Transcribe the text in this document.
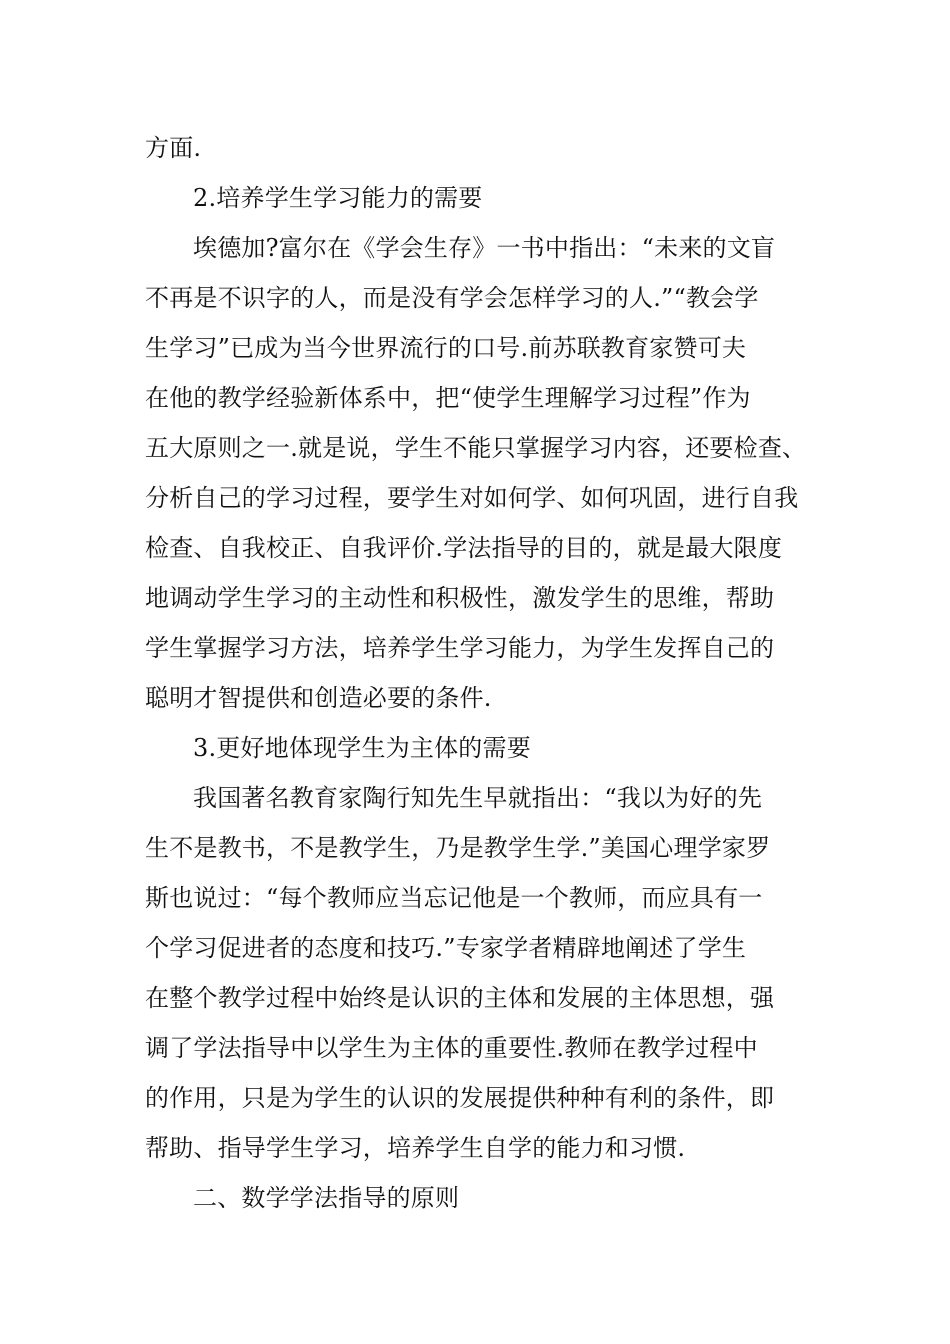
方面.
2.培养学生学习能力的需要
埃德加?富尔在《学会生存》一书中指出：“未来的文盲
不再是不识字的人，而是没有学会怎样学习的人.”“教会学
生学习”已成为当今世界流行的口号.前苏联教育家赞可夫
在他的教学经验新体系中，把“使学生理解学习过程”作为
五大原则之一.就是说，学生不能只掌握学习内容，还要检查、
分析自己的学习过程，要学生对如何学、如何巩固，进行自我
检查、自我校正、自我评价.学法指导的目的，就是最大限度
地调动学生学习的主动性和积极性，激发学生的思维，帮助
学生掌握学习方法，培养学生学习能力，为学生发挥自己的
聪明才智提供和创造必要的条件.
3.更好地体现学生为主体的需要
我国著名教育家陶行知先生早就指出：“我以为好的先
生不是教书，不是教学生，乃是教学生学.”美国心理学家罗
斯也说过：“每个教师应当忘记他是一个教师，而应具有一
个学习促进者的态度和技巧.”专家学者精辟地阐述了学生
在整个教学过程中始终是认识的主体和发展的主体思想，强
调了学法指导中以学生为主体的重要性.教师在教学过程中
的作用，只是为学生的认识的发展提供种种有利的条件，即
帮助、指导学生学习，培养学生自学的能力和习惯.
二、数学学法指导的原则
